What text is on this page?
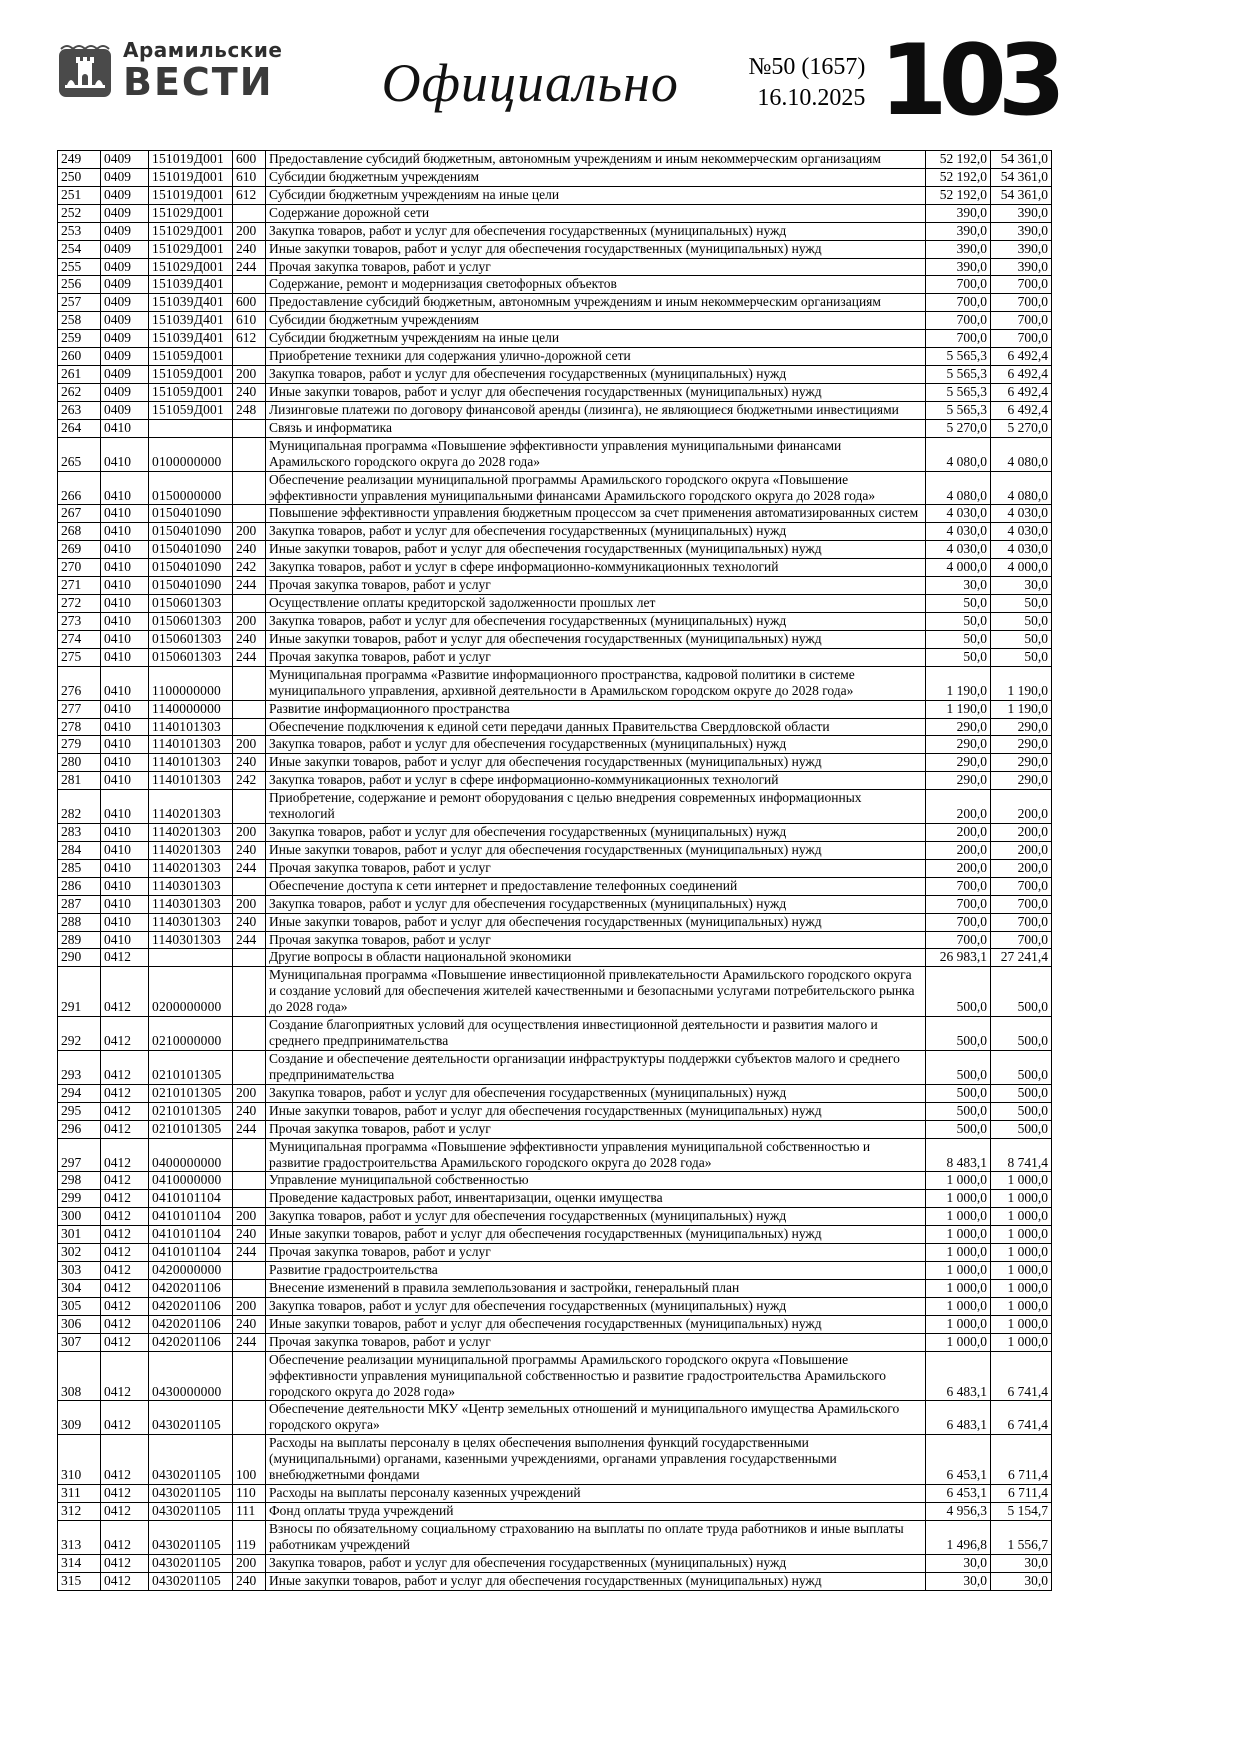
Арамильские
ВЕСТИ	Официально	№50 (1657)
16.10.2025 103
249	0409	151019Д001	600	Предоставление субсидий бюджетным, автономным учреждениям и иным некоммерческим организациям	52 192,0	54 361,0
250	0409	151019Д001	610	Субсидии бюджетным учреждениям	52 192,0	54 361,0
251	0409	151019Д001	612	Субсидии бюджетным учреждениям на иные цели	52 192,0	54 361,0
252	0409	151029Д001		Содержание дорожной сети	390,0	390,0
253	0409	151029Д001	200	Закупка товаров, работ и услуг для обеспечения государственных (муниципальных) нужд	390,0	390,0
254	0409	151029Д001	240	Иные закупки товаров, работ и услуг для обеспечения государственных (муниципальных) нужд	390,0	390,0
255	0409	151029Д001	244	Прочая закупка товаров, работ и услуг	390,0	390,0
256	0409	151039Д401		Содержание, ремонт и модернизация светофорных объектов	700,0	700,0
257	0409	151039Д401	600	Предоставление субсидий бюджетным, автономным учреждениям и иным некоммерческим организациям	700,0	700,0
258	0409	151039Д401	610	Субсидии бюджетным учреждениям	700,0	700,0
259	0409	151039Д401	612	Субсидии бюджетным учреждениям на иные цели	700,0	700,0
260	0409	151059Д001		Приобретение техники для содержания улично-дорожной сети	5 565,3	6 492,4
261	0409	151059Д001	200	Закупка товаров, работ и услуг для обеспечения государственных (муниципальных) нужд	5 565,3	6 492,4
262	0409	151059Д001	240	Иные закупки товаров, работ и услуг для обеспечения государственных (муниципальных) нужд	5 565,3	6 492,4
263	0409	151059Д001	248	Лизинговые платежи по договору финансовой аренды (лизинга), не являющиеся бюджетными инвестициями	5 565,3	6 492,4
264	0410			Связь и информатика	5 270,0	5 270,0
265	0410	0100000000		Муниципальная программа «Повышение эффективности управления муниципальными финансами Арамильского городского округа до 2028 года»	4 080,0	4 080,0
266	0410	0150000000		Обеспечение реализации муниципальной программы Арамильского городского округа «Повышение эффективности управления муниципальными финансами Арамильского городского округа до 2028 года»	4 080,0	4 080,0
267	0410	0150401090		Повышение эффективности управления бюджетным процессом за счет применения автоматизированных систем	4 030,0	4 030,0
268	0410	0150401090	200	Закупка товаров, работ и услуг для обеспечения государственных (муниципальных) нужд	4 030,0	4 030,0
269	0410	0150401090	240	Иные закупки товаров, работ и услуг для обеспечения государственных (муниципальных) нужд	4 030,0	4 030,0
270	0410	0150401090	242	Закупка товаров, работ и услуг в сфере информационно-коммуникационных технологий	4 000,0	4 000,0
271	0410	0150401090	244	Прочая закупка товаров, работ и услуг	30,0	30,0
272	0410	0150601303		Осуществление оплаты кредиторской задолженности прошлых лет	50,0	50,0
273	0410	0150601303	200	Закупка товаров, работ и услуг для обеспечения государственных (муниципальных) нужд	50,0	50,0
274	0410	0150601303	240	Иные закупки товаров, работ и услуг для обеспечения государственных (муниципальных) нужд	50,0	50,0
275	0410	0150601303	244	Прочая закупка товаров, работ и услуг	50,0	50,0
276	0410	1100000000		Муниципальная программа «Развитие информационного пространства, кадровой политики в системе муниципального управления, архивной деятельности в Арамильском городском округе до 2028 года»	1 190,0	1 190,0
277	0410	1140000000		Развитие информационного пространства	1 190,0	1 190,0
278	0410	1140101303		Обеспечение подключения к единой сети передачи данных Правительства Свердловской области	290,0	290,0
279	0410	1140101303	200	Закупка товаров, работ и услуг для обеспечения государственных (муниципальных) нужд	290,0	290,0
280	0410	1140101303	240	Иные закупки товаров, работ и услуг для обеспечения государственных (муниципальных) нужд	290,0	290,0
281	0410	1140101303	242	Закупка товаров, работ и услуг в сфере информационно-коммуникационных технологий	290,0	290,0
282	0410	1140201303		Приобретение, содержание и ремонт оборудования с целью внедрения современных информационных технологий	200,0	200,0
283	0410	1140201303	200	Закупка товаров, работ и услуг для обеспечения государственных (муниципальных) нужд	200,0	200,0
284	0410	1140201303	240	Иные закупки товаров, работ и услуг для обеспечения государственных (муниципальных) нужд	200,0	200,0
285	0410	1140201303	244	Прочая закупка товаров, работ и услуг	200,0	200,0
286	0410	1140301303		Обеспечение доступа к сети интернет и предоставление телефонных соединений	700,0	700,0
287	0410	1140301303	200	Закупка товаров, работ и услуг для обеспечения государственных (муниципальных) нужд	700,0	700,0
288	0410	1140301303	240	Иные закупки товаров, работ и услуг для обеспечения государственных (муниципальных) нужд	700,0	700,0
289	0410	1140301303	244	Прочая закупка товаров, работ и услуг	700,0	700,0
290	0412			Другие вопросы в области национальной экономики	26 983,1	27 241,4
291	0412	0200000000		Муниципальная программа «Повышение инвестиционной привлекательности Арамильского городского округа и создание условий для обеспечения жителей качественными и безопасными услугами потребительского рынка до 2028 года»	500,0	500,0
292	0412	0210000000		Создание благоприятных условий для осуществления инвестиционной деятельности и развития малого и среднего предпринимательства	500,0	500,0
293	0412	0210101305		Создание и обеспечение деятельности организации инфраструктуры поддержки субъектов малого и среднего предпринимательства	500,0	500,0
294	0412	0210101305	200	Закупка товаров, работ и услуг для обеспечения государственных (муниципальных) нужд	500,0	500,0
295	0412	0210101305	240	Иные закупки товаров, работ и услуг для обеспечения государственных (муниципальных) нужд	500,0	500,0
296	0412	0210101305	244	Прочая закупка товаров, работ и услуг	500,0	500,0
297	0412	0400000000		Муниципальная программа «Повышение эффективности управления муниципальной собственностью и развитие градостроительства Арамильского городского округа до 2028 года»	8 483,1	8 741,4
298	0412	0410000000		Управление муниципальной собственностью	1 000,0	1 000,0
299	0412	0410101104		Проведение кадастровых работ, инвентаризации, оценки имущества	1 000,0	1 000,0
300	0412	0410101104	200	Закупка товаров, работ и услуг для обеспечения государственных (муниципальных) нужд	1 000,0	1 000,0
301	0412	0410101104	240	Иные закупки товаров, работ и услуг для обеспечения государственных (муниципальных) нужд	1 000,0	1 000,0
302	0412	0410101104	244	Прочая закупка товаров, работ и услуг	1 000,0	1 000,0
303	0412	0420000000		Развитие градостроительства	1 000,0	1 000,0
304	0412	0420201106		Внесение изменений в правила землепользования и застройки, генеральный план	1 000,0	1 000,0
305	0412	0420201106	200	Закупка товаров, работ и услуг для обеспечения государственных (муниципальных) нужд	1 000,0	1 000,0
306	0412	0420201106	240	Иные закупки товаров, работ и услуг для обеспечения государственных (муниципальных) нужд	1 000,0	1 000,0
307	0412	0420201106	244	Прочая закупка товаров, работ и услуг	1 000,0	1 000,0
308	0412	0430000000		Обеспечение реализации муниципальной программы Арамильского городского округа «Повышение эффективности управления муниципальной собственностью и развитие градостроительства Арамильского городского округа до 2028 года»	6 483,1	6 741,4
309	0412	0430201105		Обеспечение деятельности МКУ «Центр земельных отношений и муниципального имущества Арамильского городского округа»	6 483,1	6 741,4
310	0412	0430201105	100	Расходы на выплаты персоналу в целях обеспечения выполнения функций государственными (муниципальными) органами, казенными учреждениями, органами управления государственными внебюджетными фондами	6 453,1	6 711,4
311	0412	0430201105	110	Расходы на выплаты персоналу казенных учреждений	6 453,1	6 711,4
312	0412	0430201105	111	Фонд оплаты труда учреждений	4 956,3	5 154,7
313	0412	0430201105	119	Взносы по обязательному социальному страхованию на выплаты по оплате труда работников и иные выплаты работникам учреждений	1 496,8	1 556,7
314	0412	0430201105	200	Закупка товаров, работ и услуг для обеспечения государственных (муниципальных) нужд	30,0	30,0
315	0412	0430201105	240	Иные закупки товаров, работ и услуг для обеспечения государственных (муниципальных) нужд	30,0	30,0
